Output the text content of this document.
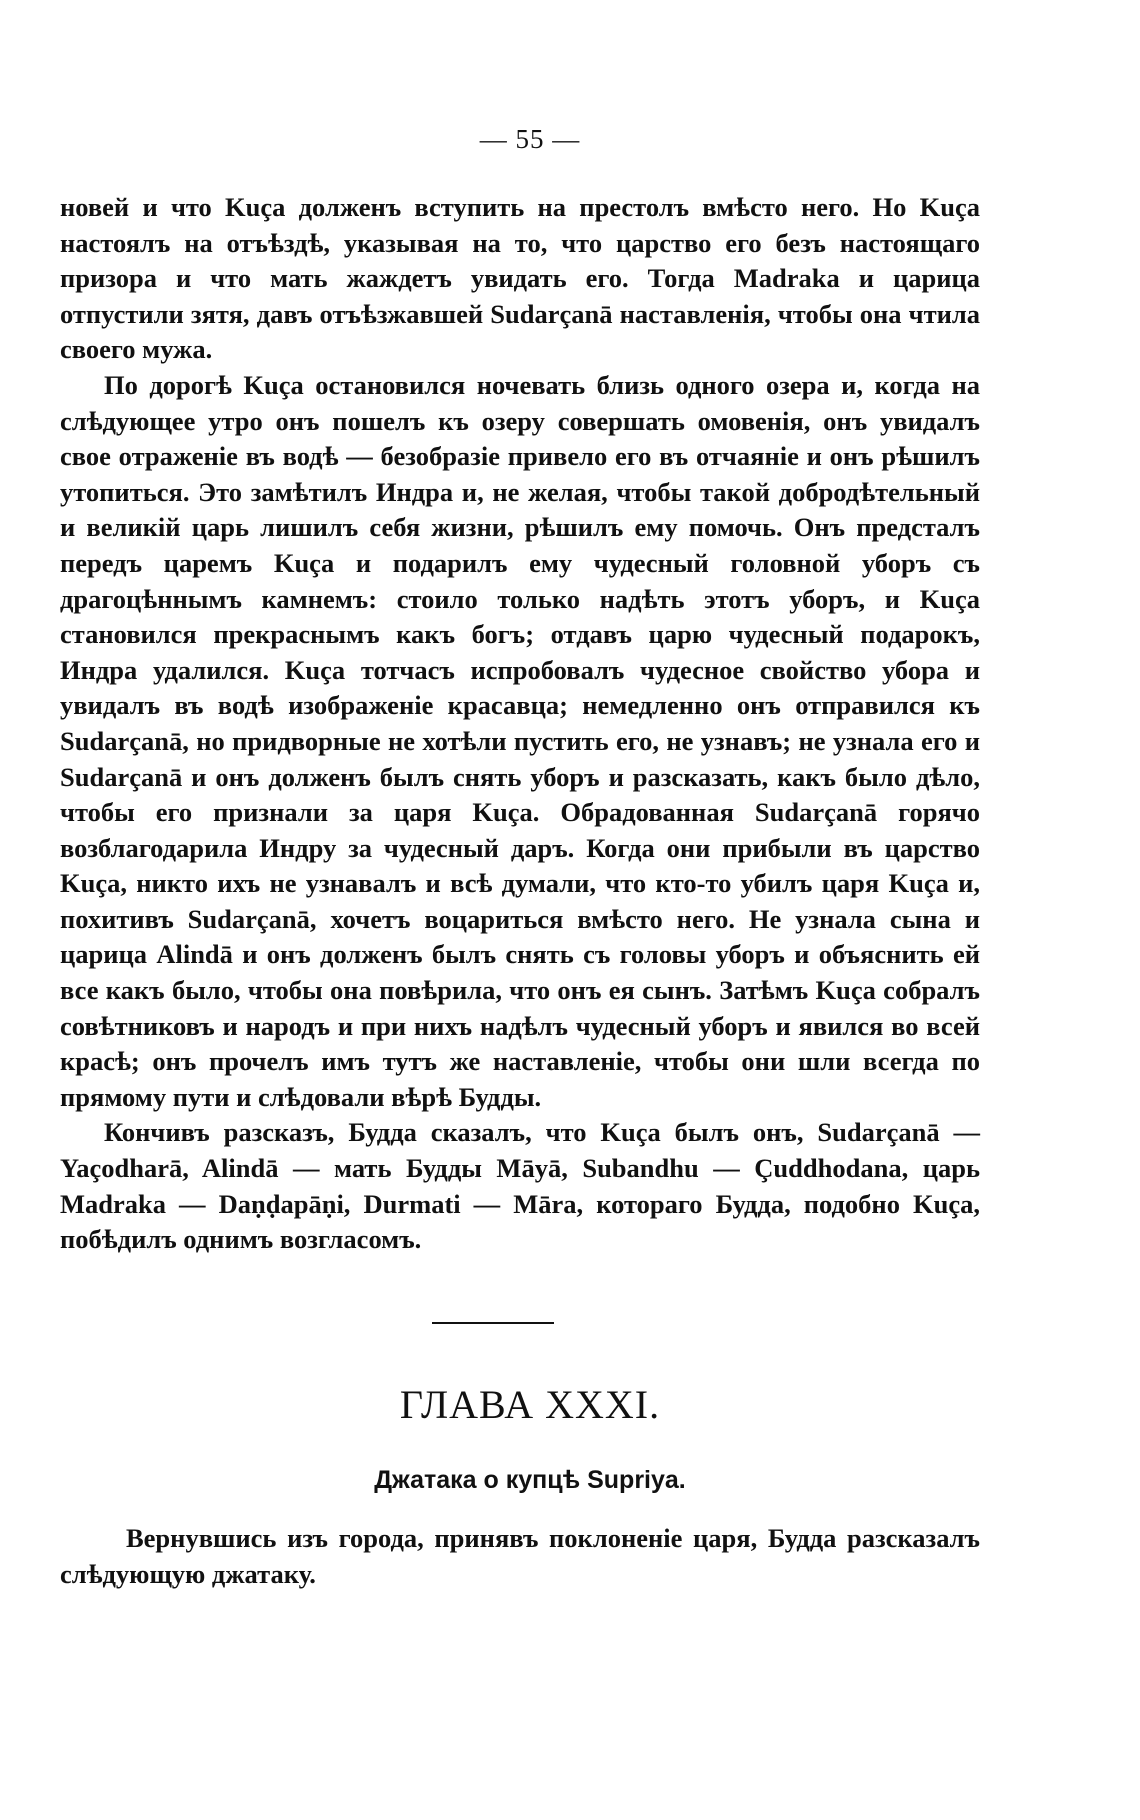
— 55 —

новей и что Kuça долженъ вступить на престолъ вмѣсто него. Но Kuça настоялъ на отъѣздѣ, указывая на то, что царство его безъ настоящаго призора и что мать жаждетъ увидать его. Тогда Madraka и царица отпустили зятя, давъ отъѣзжавшей Sudarçanā наставленія, чтобы она чтила своего мужа.

По дорогѣ Kuça остановился ночевать близь одного озера и, когда на слѣдующее утро онъ пошелъ къ озеру совершать омовенія, онъ увидалъ свое отраженіе въ водѣ — безобразіе привело его въ отчаяніе и онъ рѣшилъ утопиться. Это замѣтилъ Индра и, не желая, чтобы такой добродѣтельный и великій царь лишилъ себя жизни, рѣшилъ ему помочь. Онъ предсталъ передъ царемъ Kuça и подарилъ ему чудесный головной уборъ съ драгоцѣннымъ камнемъ: стоило только надѣть этотъ уборъ, и Kuça становился прекраснымъ какъ богъ; отдавъ царю чудесный подарокъ, Индра удалился. Kuça тотчасъ испробовалъ чудесное свойство убора и увидалъ въ водѣ изображеніе красавца; немедленно онъ отправился къ Sudarçanā, но придворные не хотѣли пустить его, не узнавъ; не узнала его и Sudarçanā и онъ долженъ былъ снять уборъ и разсказать, какъ было дѣло, чтобы его признали за царя Kuça. Обрадованная Sudarçanā горячо возблагодарила Индру за чудесный даръ. Когда они прибыли въ царство Kuça, никто ихъ не узнавалъ и всѣ думали, что кто-то убилъ царя Kuça и, похитивъ Sudarçanā, хочетъ воцариться вмѣсто него. Не узнала сына и царица Alindā и онъ долженъ былъ снять съ головы уборъ и объяснить ей все какъ было, чтобы она повѣрила, что онъ ея сынъ. Затѣмъ Kuça собралъ совѣтниковъ и народъ и при нихъ надѣлъ чудесный уборъ и явился во всей красѣ; онъ прочелъ имъ тутъ же наставленіе, чтобы они шли всегда по прямому пути и слѣдовали вѣрѣ Будды.

Кончивъ разсказъ, Будда сказалъ, что Kuça былъ онъ, Sudarçanā — Yaçodharā, Alindā — мать Будды Māyā, Subandhu — Çuddhodana, царь Madraka — Daṇḍapāṇi, Durmati — Māra, котораго Будда, подобно Kuça, побѣдилъ однимъ возгласомъ.

ГЛАВА XXXI.
Джатака о купцѣ Supriya.

Вернувшись изъ города, принявъ поклоненіе царя, Будда разсказалъ слѣдующую джатаку.
